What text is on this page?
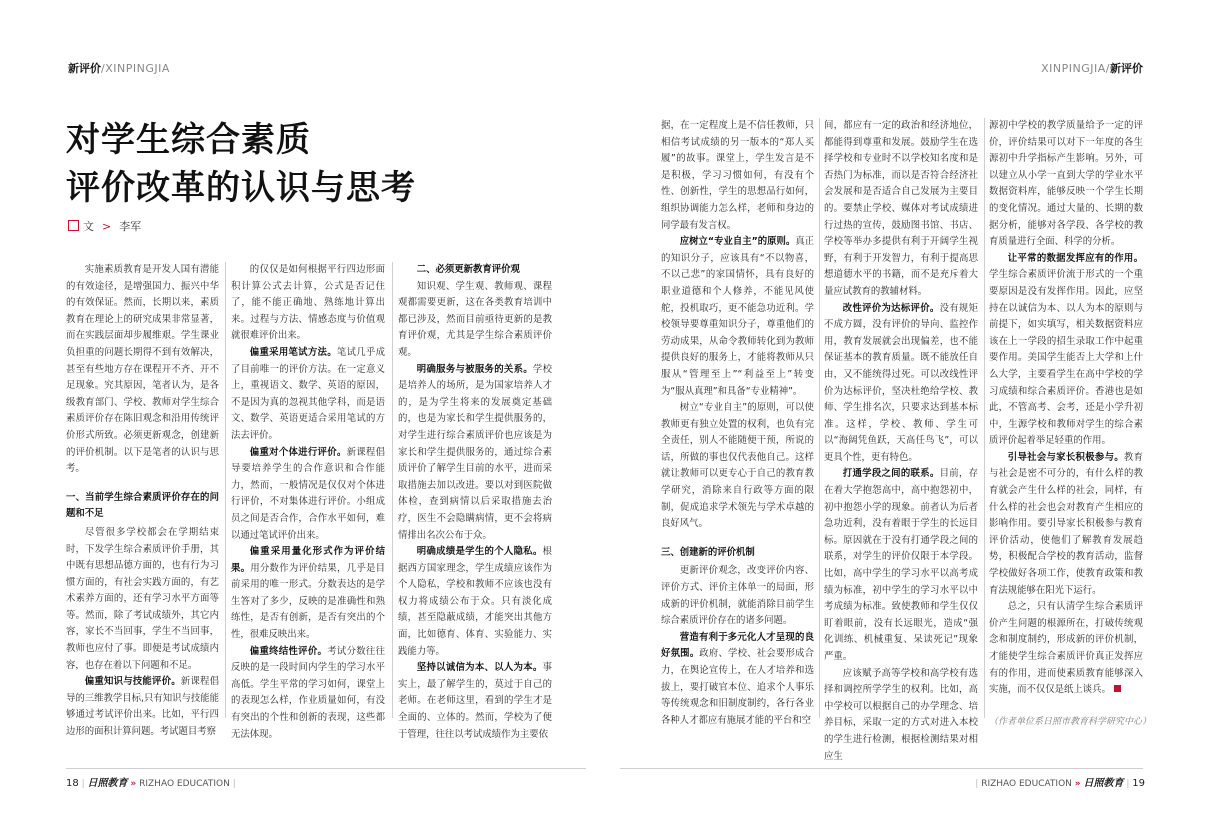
新评价/XINPINGJIA	XINPINGJIA/新评价
对学生综合素质
评价改革的认识与思考
文 > 李军

实施素质教育是开发人国有潜能的有效途径，是增强国力、振兴中华的有效保证。然而，长期以来，素质教育在理论上的研究成果非常显著，而在实践层面却步履维艰。学生课业负担重的问题长期得不到有效解决，甚至有些地方存在课程开不齐、开不足现象。究其原因，笔者认为，是各级教育部门、学校、教师对学生综合素质评价存在陈旧观念和沿用传统评价形式所致。必须更新观念，创建新的评价机制。以下是笔者的认识与思考。

一、当前学生综合素质评价存在的问题和不足

尽管很多学校都会在学期结束时，下发学生综合素质评价手册，其中既有思想品德方面的，也有行为习惯方面的，有社会实践方面的，有艺术素养方面的，还有学习水平方面等等。然而，除了考试成绩外，其它内容，家长不当回事，学生不当回事，教师也应付了事。即便是考试成绩内容，也存在着以下问题和不足。

偏重知识与技能评价。新课程倡导的三维教学目标,只有知识与技能能够通过考试评价出来。比如，平行四边形的面积计算问题。考试题目考察

的仅仅是如何根据平行四边形面积计算公式去计算，公式是否记住了，能不能正确地、熟练地计算出来。过程与方法、情感态度与价值观就很难评价出来。

偏重采用笔试方法。笔试几乎成了目前唯一的评价方法。在一定意义上，重视语文、数学、英语的原因，不是因为真的忽视其他学科，而是语文、数学、英语更适合采用笔试的方法去评价。

偏重对个体进行评价。新课程倡导要培养学生的合作意识和合作能力，然而，一般情况是仅仅对个体进行评价，不对集体进行评价。小组成员之间是否合作，合作水平如何，难以通过笔试评价出来。

偏重采用量化形式作为评价结果。用分数作为评价结果，几乎是目前采用的唯一形式。分数表达的是学生答对了多少，反映的是准确性和熟练性，是否有创新，是否有突出的个性，很难反映出来。

偏重终结性评价。考试分数往往反映的是一段时间内学生的学习水平高低。学生平常的学习如何，课堂上的表现怎么样，作业质量如何，有没有突出的个性和创新的表现，这些都无法体现。

二、必须更新教育评价观

知识观、学生观、教师观、课程观都需要更新，这在各类教育培训中都已涉及，然而目前亟待更新的是教育评价观，尤其是学生综合素质评价观。

明确服务与被服务的关系。学校是培养人的场所，是为国家培养人才的，是为学生将来的发展奠定基础的，也是为家长和学生提供服务的，对学生进行综合素质评价也应该是为家长和学生提供服务的，通过综合素质评价了解学生目前的水平，进而采取措施去加以改进。要以对到医院做体检，查到病情以后采取措施去治疗，医生不会隐瞒病情，更不会将病情排出名次公布于众。

明确成绩是学生的个人隐私。根据西方国家理念，学生成绩应该作为个人隐私，学校和教师不应该也没有权力将成绩公布于众。只有淡化成绩，甚至隐蔽成绩，才能突出其他方面，比如德育、体育、实验能力、实践能力等。

坚持以诚信为本、以人为本。事实上，最了解学生的，莫过于自己的老师。在老师这里，看到的学生才是全面的、立体的。然而，学校为了便于管理，往往以考试成绩作为主要依

据，在一定程度上是不信任教师，只相信考试成绩的另一版本的“郑人买履”的故事。课堂上，学生发言是不是积极，学习习惯如何，有没有个性、创新性，学生的思想品行如何，组织协调能力怎么样，老师和身边的同学最有发言权。

应树立“专业自主”的原则。真正的知识分子，应该具有“不以物喜，不以己悲”的家国情怀，具有良好的职业道德和个人修养，不能见风使舵，投机取巧，更不能急功近利。学校领导要尊重知识分子，尊重他们的劳动成果，从命令教师转化到为教师提供良好的服务上，才能将教师从只服从“管理至上”“利益至上”转变为“服从真理”和具备“专业精神”。

树立“专业自主”的原则，可以使教师更有独立处置的权利，也负有完全责任，别人不能随便干预，所说的话，所做的事也仅代表他自己。这样就让教师可以更专心于自己的教育教学研究，消除来自行政等方面的限制，促成追求学术领先与学术卓越的良好风气。

三、创建新的评价机制

更新评价观念，改变评价内容、评价方式、评价主体单一的局面，形成新的评价机制，就能消除目前学生综合素质评价存在的诸多问题。

营造有利于多元化人才呈现的良好氛围。政府、学校、社会要形成合力，在舆论宣传上，在人才培养和选拔上，要打破官本位、追求个人事乐等传统观念和旧制度制约，各行各业各种人才都应有施展才能的平台和空

间，都应有一定的政治和经济地位，都能得到尊重和发展。鼓励学生在选择学校和专业时不以学校知名度和是否热门为标准，而以是否符合经济社会发展和是否适合自己发展为主要目的。要禁止学校、媒体对考试成绩进行过热的宣传，鼓励图书馆、书店、学校等举办多提供有利于开阔学生视野，有利于开发智力，有利于提高思想道德水平的书籍，而不是充斥着大量应试教育的教辅材料。

改性评价为达标评价。没有规矩不成方圆，没有评价的导向、监控作用，教育发展就会出现偏差，也不能保证基本的教育质量。既不能放任自由，又不能统得过死。可以改线性评价为达标评价，坚决杜绝给学校、教师、学生排名次，只要求达到基本标准。这样，学校、教师、学生可以“海阔凭鱼跃，天高任鸟飞”，可以更具个性，更有特色。

打通学段之间的联系。目前，存在着大学抱怨高中，高中抱怨初中，初中抱怨小学的现象。前者认为后者急功近利，没有着眼于学生的长远目标。原因就在于没有打通学段之间的联系，对学生的评价仅限于本学段。比如，高中学生的学习水平以高考成绩为标准，初中学生的学习水平以中考成绩为标准。致使教师和学生仅仅盯着眼前，没有长远眼光，造成“强化训练、机械重复、呆读死记”现象严重。

应该赋予高等学校和高学校有选择和调控所学学生的权利。比如，高中学校可以根据自己的办学理念、培养目标，采取一定的方式对进入本校的学生进行检测，根据检测结果对相应生

源初中学校的教学质量给予一定的评价，评价结果可以对下一年度的各生源初中升学指标产生影响。另外，可以建立从小学一直到大学的学业水平数据资料库，能够反映一个学生长期的变化情况。通过大量的、长期的数据分析，能够对各学段、各学校的教育质量进行全面、科学的分析。

让平常的数据发挥应有的作用。学生综合素质评价流于形式的一个重要原因是没有发挥作用。因此，应坚持在以诚信为本、以人为本的原则与前提下，如实填写，相关数据资料应该在上一学段的招生录取工作中起重要作用。美国学生能否上大学和上什么大学，主要看学生在高中学校的学习成绩和综合素质评价。香港也是如此，不管高考、会考，还是小学升初中，生源学校和教师对学生的综合素质评价起着举足轻重的作用。

引导社会与家长积极参与。教育与社会是密不可分的，有什么样的教育就会产生什么样的社会，同样，有什么样的社会也会对教育产生相应的影响作用。要引导家长积极参与教育评价活动，使他们了解教育发展趋势，积极配合学校的教育活动，监督学校做好各项工作，使教育政策和教育法规能够在阳光下运行。

总之，只有认清学生综合素质评价产生问题的根源所在，打破传统观念和制度制约，形成新的评价机制，才能使学生综合素质评价真正发挥应有的作用，进而使素质教育能够深入实施，而不仅仅是纸上谈兵。

（作者单位系日照市教育科学研究中心）
18 | 日照教育 » RIZHAO EDUCATION |	| RIZHAO EDUCATION » 日照教育 | 19
